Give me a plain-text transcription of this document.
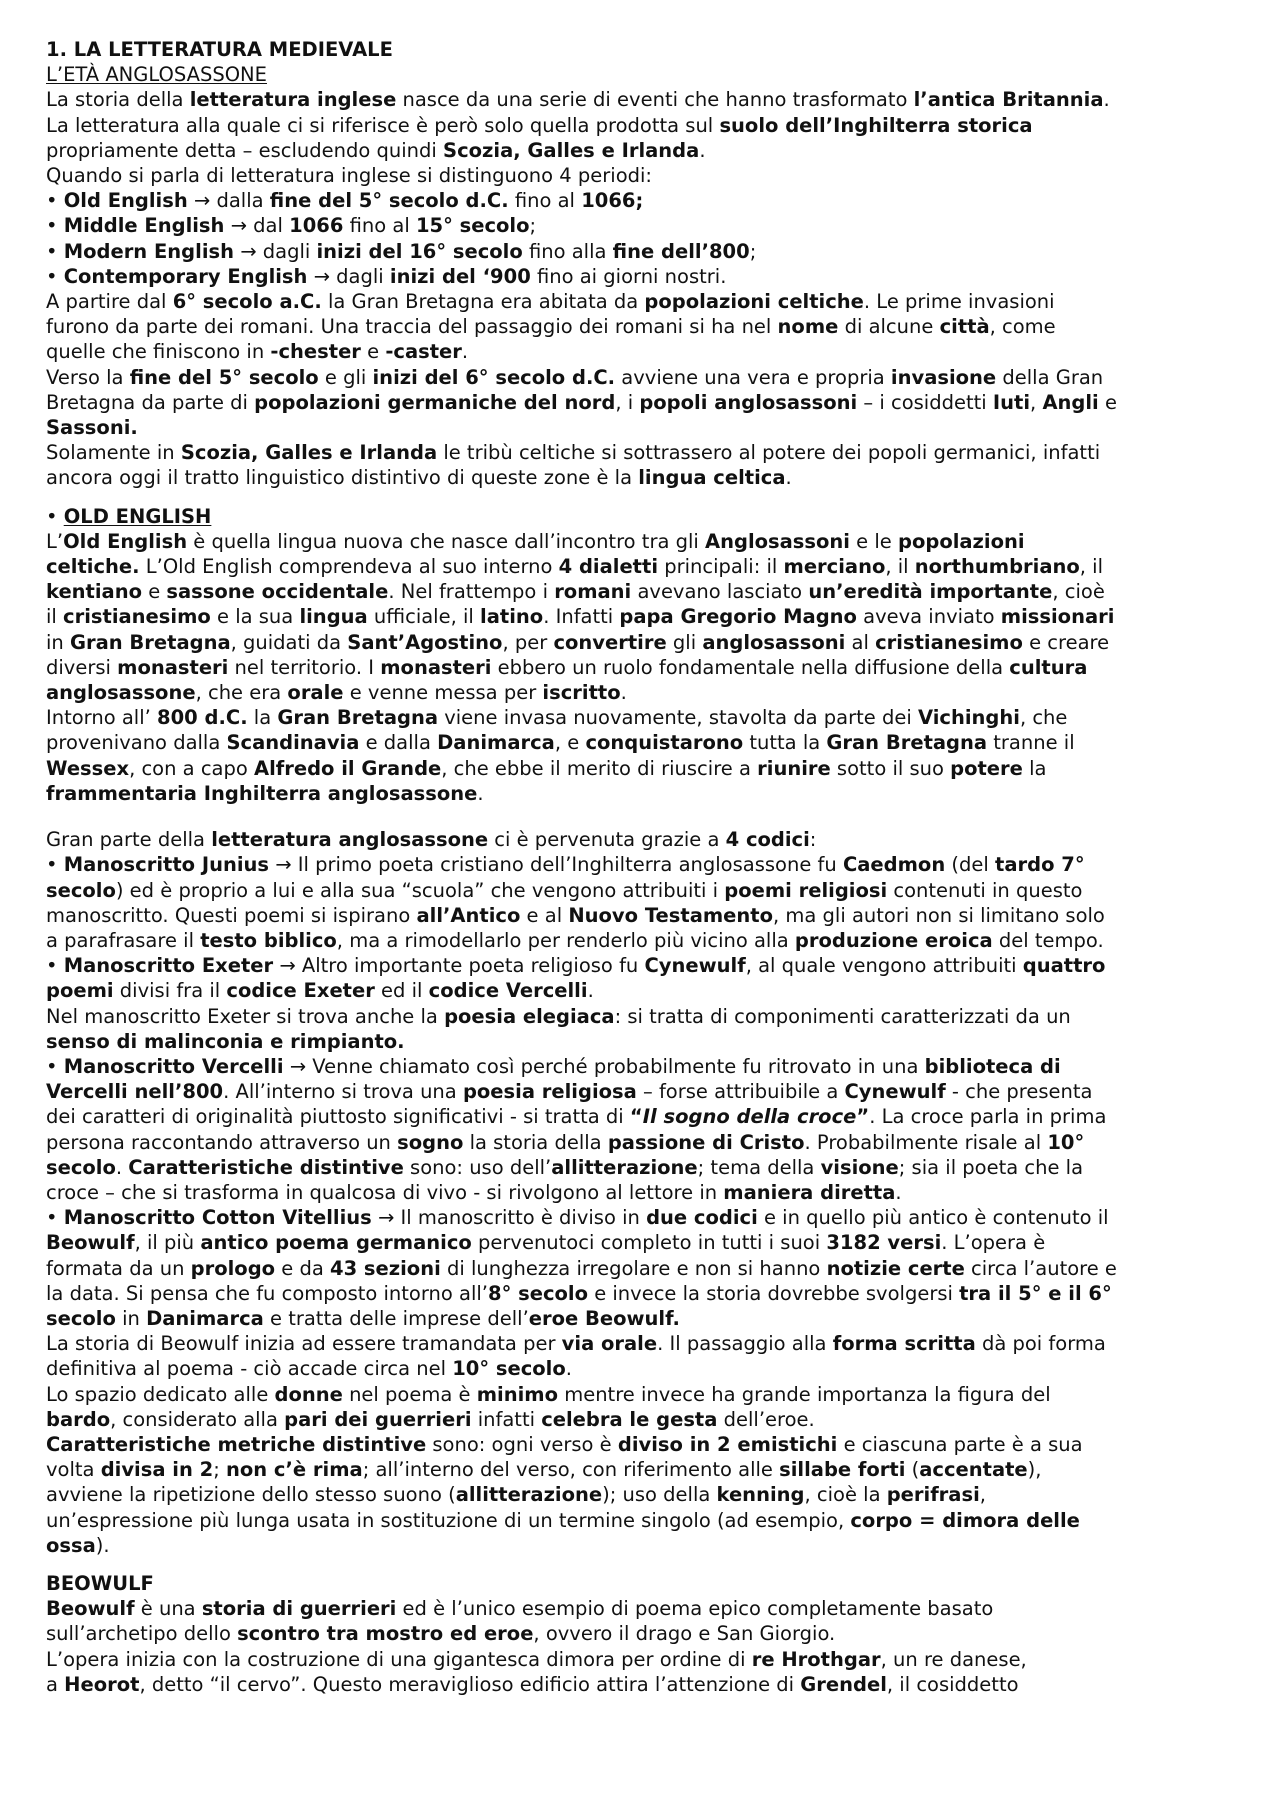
1. LA LETTERATURA MEDIEVALE
L’ETÀ ANGLOSASSONE
La storia della letteratura inglese nasce da una serie di eventi che hanno trasformato l’antica Britannia.
La letteratura alla quale ci si riferisce è però solo quella prodotta sul suolo dell’Inghilterra storica
propriamente detta – escludendo quindi Scozia, Galles e Irlanda.
Quando si parla di letteratura inglese si distinguono 4 periodi:
• Old English → dalla fine del 5° secolo d.C. fino al 1066;
• Middle English → dal 1066 fino al 15° secolo;
• Modern English → dagli inizi del 16° secolo fino alla fine dell’800;
• Contemporary English → dagli inizi del ‘900 fino ai giorni nostri.
A partire dal 6° secolo a.C. la Gran Bretagna era abitata da popolazioni celtiche. Le prime invasioni
furono da parte dei romani. Una traccia del passaggio dei romani si ha nel nome di alcune città, come
quelle che finiscono in -chester e -caster.
Verso la fine del 5° secolo e gli inizi del 6° secolo d.C. avviene una vera e propria invasione della Gran
Bretagna da parte di popolazioni germaniche del nord, i popoli anglosassoni – i cosiddetti Iuti, Angli e
Sassoni.
Solamente in Scozia, Galles e Irlanda le tribù celtiche si sottrassero al potere dei popoli germanici, infatti
ancora oggi il tratto linguistico distintivo di queste zone è la lingua celtica.
• OLD ENGLISH
L’Old English è quella lingua nuova che nasce dall’incontro tra gli Anglosassoni e le popolazioni
celtiche. L’Old English comprendeva al suo interno 4 dialetti principali: il merciano, il northumbriano, il
kentiano e sassone occidentale. Nel frattempo i romani avevano lasciato un’eredità importante, cioè
il cristianesimo e la sua lingua ufficiale, il latino. Infatti papa Gregorio Magno aveva inviato missionari
in Gran Bretagna, guidati da Sant’Agostino, per convertire gli anglosassoni al cristianesimo e creare
diversi monasteri nel territorio. I monasteri ebbero un ruolo fondamentale nella diffusione della cultura
anglosassone, che era orale e venne messa per iscritto.
Intorno all’ 800 d.C. la Gran Bretagna viene invasa nuovamente, stavolta da parte dei Vichinghi, che
provenivano dalla Scandinavia e dalla Danimarca, e conquistarono tutta la Gran Bretagna tranne il
Wessex, con a capo Alfredo il Grande, che ebbe il merito di riuscire a riunire sotto il suo potere la
frammentaria Inghilterra anglosassone.
Gran parte della letteratura anglosassone ci è pervenuta grazie a 4 codici:
• Manoscritto Junius → Il primo poeta cristiano dell’Inghilterra anglosassone fu Caedmon (del tardo 7°
secolo) ed è proprio a lui e alla sua “scuola” che vengono attribuiti i poemi religiosi contenuti in questo
manoscritto. Questi poemi si ispirano all’Antico e al Nuovo Testamento, ma gli autori non si limitano solo
a parafrasare il testo biblico, ma a rimodellarlo per renderlo più vicino alla produzione eroica del tempo.
• Manoscritto Exeter → Altro importante poeta religioso fu Cynewulf, al quale vengono attribuiti quattro
poemi divisi fra il codice Exeter ed il codice Vercelli.
Nel manoscritto Exeter si trova anche la poesia elegiaca: si tratta di componimenti caratterizzati da un
senso di malinconia e rimpianto.
• Manoscritto Vercelli → Venne chiamato così perché probabilmente fu ritrovato in una biblioteca di
Vercelli nell’800. All’interno si trova una poesia religiosa – forse attribuibile a Cynewulf - che presenta
dei caratteri di originalità piuttosto significativi - si tratta di “Il sogno della croce”. La croce parla in prima
persona raccontando attraverso un sogno la storia della passione di Cristo. Probabilmente risale al 10°
secolo. Caratteristiche distintive sono: uso dell’allitterazione; tema della visione; sia il poeta che la
croce – che si trasforma in qualcosa di vivo - si rivolgono al lettore in maniera diretta.
• Manoscritto Cotton Vitellius → Il manoscritto è diviso in due codici e in quello più antico è contenuto il
Beowulf, il più antico poema germanico pervenutoci completo in tutti i suoi 3182 versi. L’opera è
formata da un prologo e da 43 sezioni di lunghezza irregolare e non si hanno notizie certe circa l’autore e
la data. Si pensa che fu composto intorno all’8° secolo e invece la storia dovrebbe svolgersi tra il 5° e il 6°
secolo in Danimarca e tratta delle imprese dell’eroe Beowulf.
La storia di Beowulf inizia ad essere tramandata per via orale. Il passaggio alla forma scritta dà poi forma
definitiva al poema - ciò accade circa nel 10° secolo.
Lo spazio dedicato alle donne nel poema è minimo mentre invece ha grande importanza la figura del
bardo, considerato alla pari dei guerrieri infatti celebra le gesta dell’eroe.
Caratteristiche metriche distintive sono: ogni verso è diviso in 2 emistichi e ciascuna parte è a sua
volta divisa in 2; non c’è rima; all’interno del verso, con riferimento alle sillabe forti (accentate),
avviene la ripetizione dello stesso suono (allitterazione); uso della kenning, cioè la perifrasi,
un’espressione più lunga usata in sostituzione di un termine singolo (ad esempio, corpo = dimora delle
ossa).
BEOWULF
Beowulf è una storia di guerrieri ed è l’unico esempio di poema epico completamente basato
sull’archetipo dello scontro tra mostro ed eroe, ovvero il drago e San Giorgio.
L’opera inizia con la costruzione di una gigantesca dimora per ordine di re Hrothgar, un re danese,
a Heorot, detto “il cervo”. Questo meraviglioso edificio attira l’attenzione di Grendel, il cosiddetto
